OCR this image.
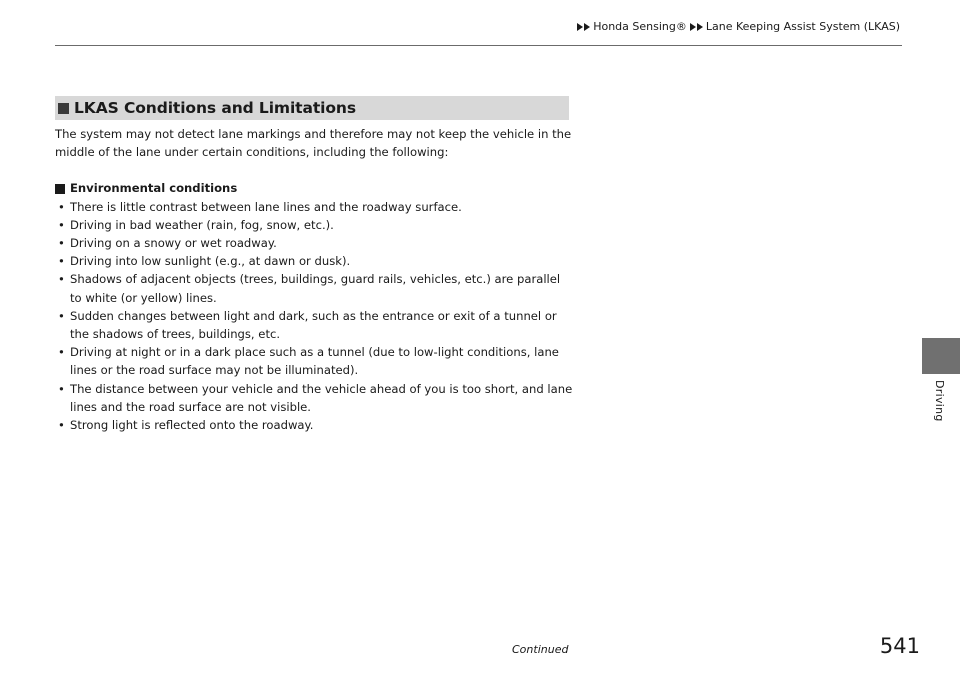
Honda Sensing® Lane Keeping Assist System (LKAS)
LKAS Conditions and Limitations

The system may not detect lane markings and therefore may not keep the vehicle in the middle of the lane under certain conditions, including the following:

Environmental conditions
• There is little contrast between lane lines and the roadway surface.
• Driving in bad weather (rain, fog, snow, etc.).
• Driving on a snowy or wet roadway.
• Driving into low sunlight (e.g., at dawn or dusk).
• Shadows of adjacent objects (trees, buildings, guard rails, vehicles, etc.) are parallel to white (or yellow) lines.
• Sudden changes between light and dark, such as the entrance or exit of a tunnel or the shadows of trees, buildings, etc.
• Driving at night or in a dark place such as a tunnel (due to low-light conditions, lane lines or the road surface may not be illuminated).
• The distance between your vehicle and the vehicle ahead of you is too short, and lane lines and the road surface are not visible.
• Strong light is reflected onto the roadway.
Driving
Continued	541
